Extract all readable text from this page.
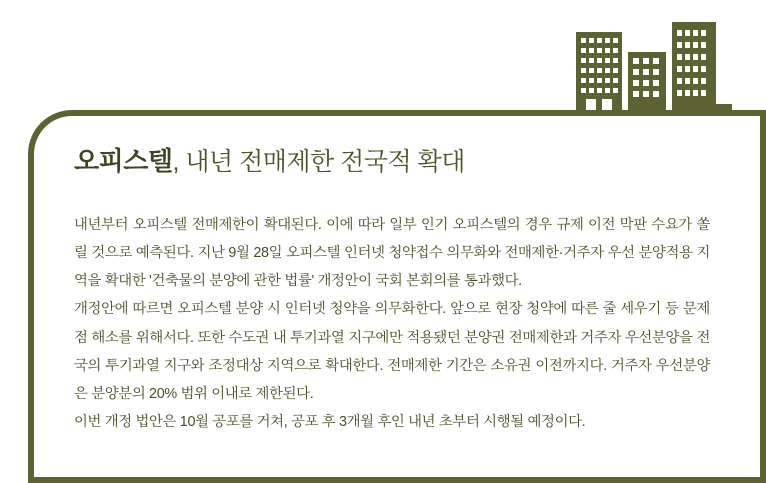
오피스텔, 내년 전매제한 전국적 확대

내년부터 오피스텔 전매제한이 확대된다. 이에 따라 일부 인기 오피스텔의 경우 규제 이전 막판 수요가 쏠릴 것으로 예측된다. 지난 9월 28일 오피스텔 인터넷 청약접수 의무화와 전매제한·거주자 우선 분양적용 지역을 확대한 '건축물의 분양에 관한 법률' 개정안이 국회 본회의를 통과했다.

개정안에 따르면 오피스텔 분양 시 인터넷 청약을 의무화한다. 앞으로 현장 청약에 따른 줄 세우기 등 문제점 해소를 위해서다. 또한 수도권 내 투기과열 지구에만 적용됐던 분양권 전매제한과 거주자 우선분양을 전국의 투기과열 지구와 조정대상 지역으로 확대한다. 전매제한 기간은 소유권 이전까지다. 거주자 우선분양은 분양분의 20% 범위 이내로 제한된다.

이번 개정 법안은 10월 공포를 거쳐, 공포 후 3개월 후인 내년 초부터 시행될 예정이다.
